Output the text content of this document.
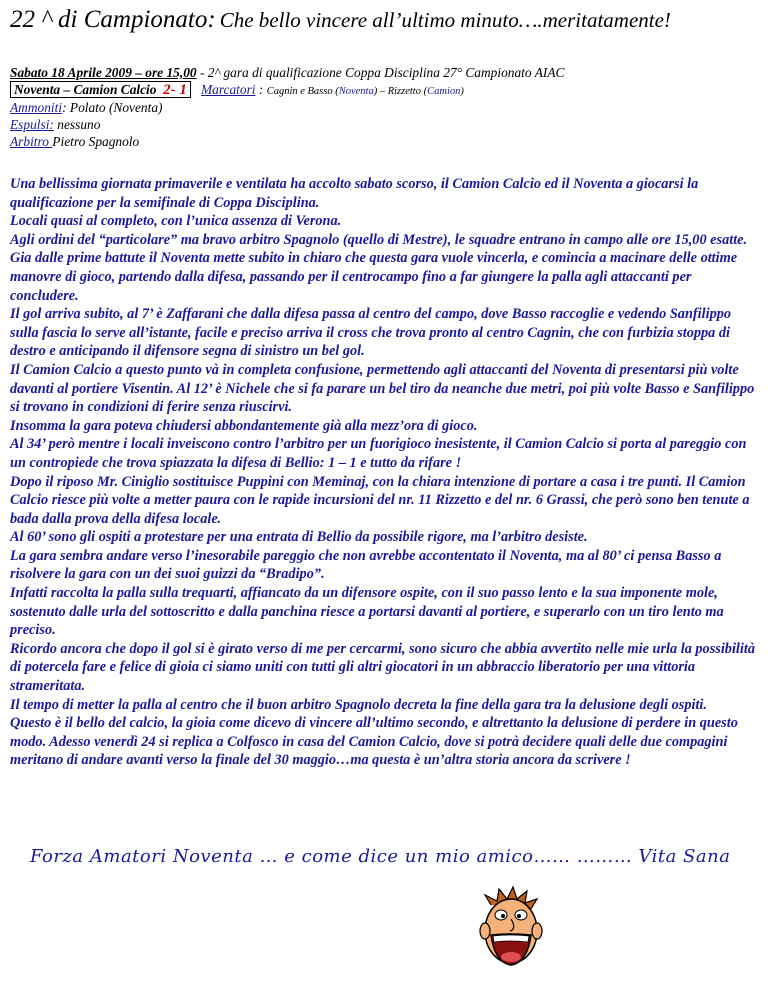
22 ^ di Campionato: Che bello vincere all’ultimo minuto….meritatamente!
Sabato 18 Aprile 2009 – ore 15,00 - 2^ gara di qualificazione Coppa Disciplina 27° Campionato AIAC
Noventa – Camion Calcio 2- 1 Marcatori : Cagnin e Basso (Noventa) – Rizzetto (Camion)
Ammoniti: Polato (Noventa)
Espulsi: nessuno
Arbitro Pietro Spagnolo

Una bellissima giornata primaverile e ventilata ha accolto sabato scorso, il Camion Calcio ed il Noventa a giocarsi la qualificazione per la semifinale di Coppa Disciplina.

Locali quasi al completo, con l’unica assenza di Verona.

Agli ordini del “particolare” ma bravo arbitro Spagnolo (quello di Mestre), le squadre entrano in campo alle ore 15,00 esatte.

Gia dalle prime battute il Noventa mette subito in chiaro che questa gara vuole vincerla, e comincia a macinare delle ottime manovre di gioco, partendo dalla difesa, passando per il centrocampo fino a far giungere la palla agli attaccanti per concludere.

Il gol arriva subito, al 7’ è Zaffarani che dalla difesa passa al centro del campo, dove Basso raccoglie e vedendo Sanfilippo sulla fascia lo serve all’istante, facile e preciso arriva il cross che trova pronto al centro Cagnin, che con furbizia stoppa di destro e anticipando il difensore segna di sinistro un bel gol.

Il Camion Calcio a questo punto và in completa confusione, permettendo agli attaccanti del Noventa di presentarsi più volte davanti al portiere Visentin. Al 12’ è Nichele che si fa parare un bel tiro da neanche due metri, poi più volte Basso e Sanfilippo si trovano in condizioni di ferire senza riuscirvi.

Insomma la gara poteva chiudersi abbondantemente già alla mezz’ora di gioco.

Al 34’ però mentre i locali inveiscono contro l’arbitro per un fuorigioco inesistente, il Camion Calcio si porta al pareggio con un contropiede che trova spiazzata la difesa di Bellio: 1 – 1 e tutto da rifare !

Dopo il riposo Mr. Ciniglio sostituisce Puppini con Meminaj, con la chiara intenzione di portare a casa i tre punti. Il Camion Calcio riesce più volte a metter paura con le rapide incursioni del nr. 11 Rizzetto e del nr. 6 Grassi, che però sono ben tenute a bada dalla prova della difesa locale.

Al 60’ sono gli ospiti a protestare per una entrata di Bellio da possibile rigore, ma l’arbitro desiste.

La gara sembra andare verso l’inesorabile pareggio che non avrebbe accontentato il Noventa, ma al 80’ ci pensa Basso a risolvere la gara con un dei suoi guizzi da “Bradipo”.

Infatti raccolta la palla sulla trequarti, affiancato da un difensore ospite, con il suo passo lento e la sua imponente mole, sostenuto dalle urla del sottoscritto e dalla panchina riesce a portarsi davanti al portiere, e superarlo con un tiro lento ma preciso.

Ricordo ancora che dopo il gol si è girato verso di me per cercarmi, sono sicuro che abbia avvertito nelle mie urla la possibilità di potercela fare e felice di gioia ci siamo uniti con tutti gli altri giocatori in un abbraccio liberatorio per una vittoria strameritata.

Il tempo di metter la palla al centro che il buon arbitro Spagnolo decreta la fine della gara tra la delusione degli ospiti.

Questo è il bello del calcio, la gioia come dicevo di vincere all’ultimo secondo, e altrettanto la delusione di perdere in questo modo. Adesso venerdì 24 si replica a Colfosco in casa del Camion Calcio, dove si potrà decidere quali delle due compagini meritano di andare avanti verso la finale del 30 maggio…ma questa è un’altra storia ancora da scrivere !

Forza Amatori Noventa … e come dice un mio amico…… ……… Vita Sana
